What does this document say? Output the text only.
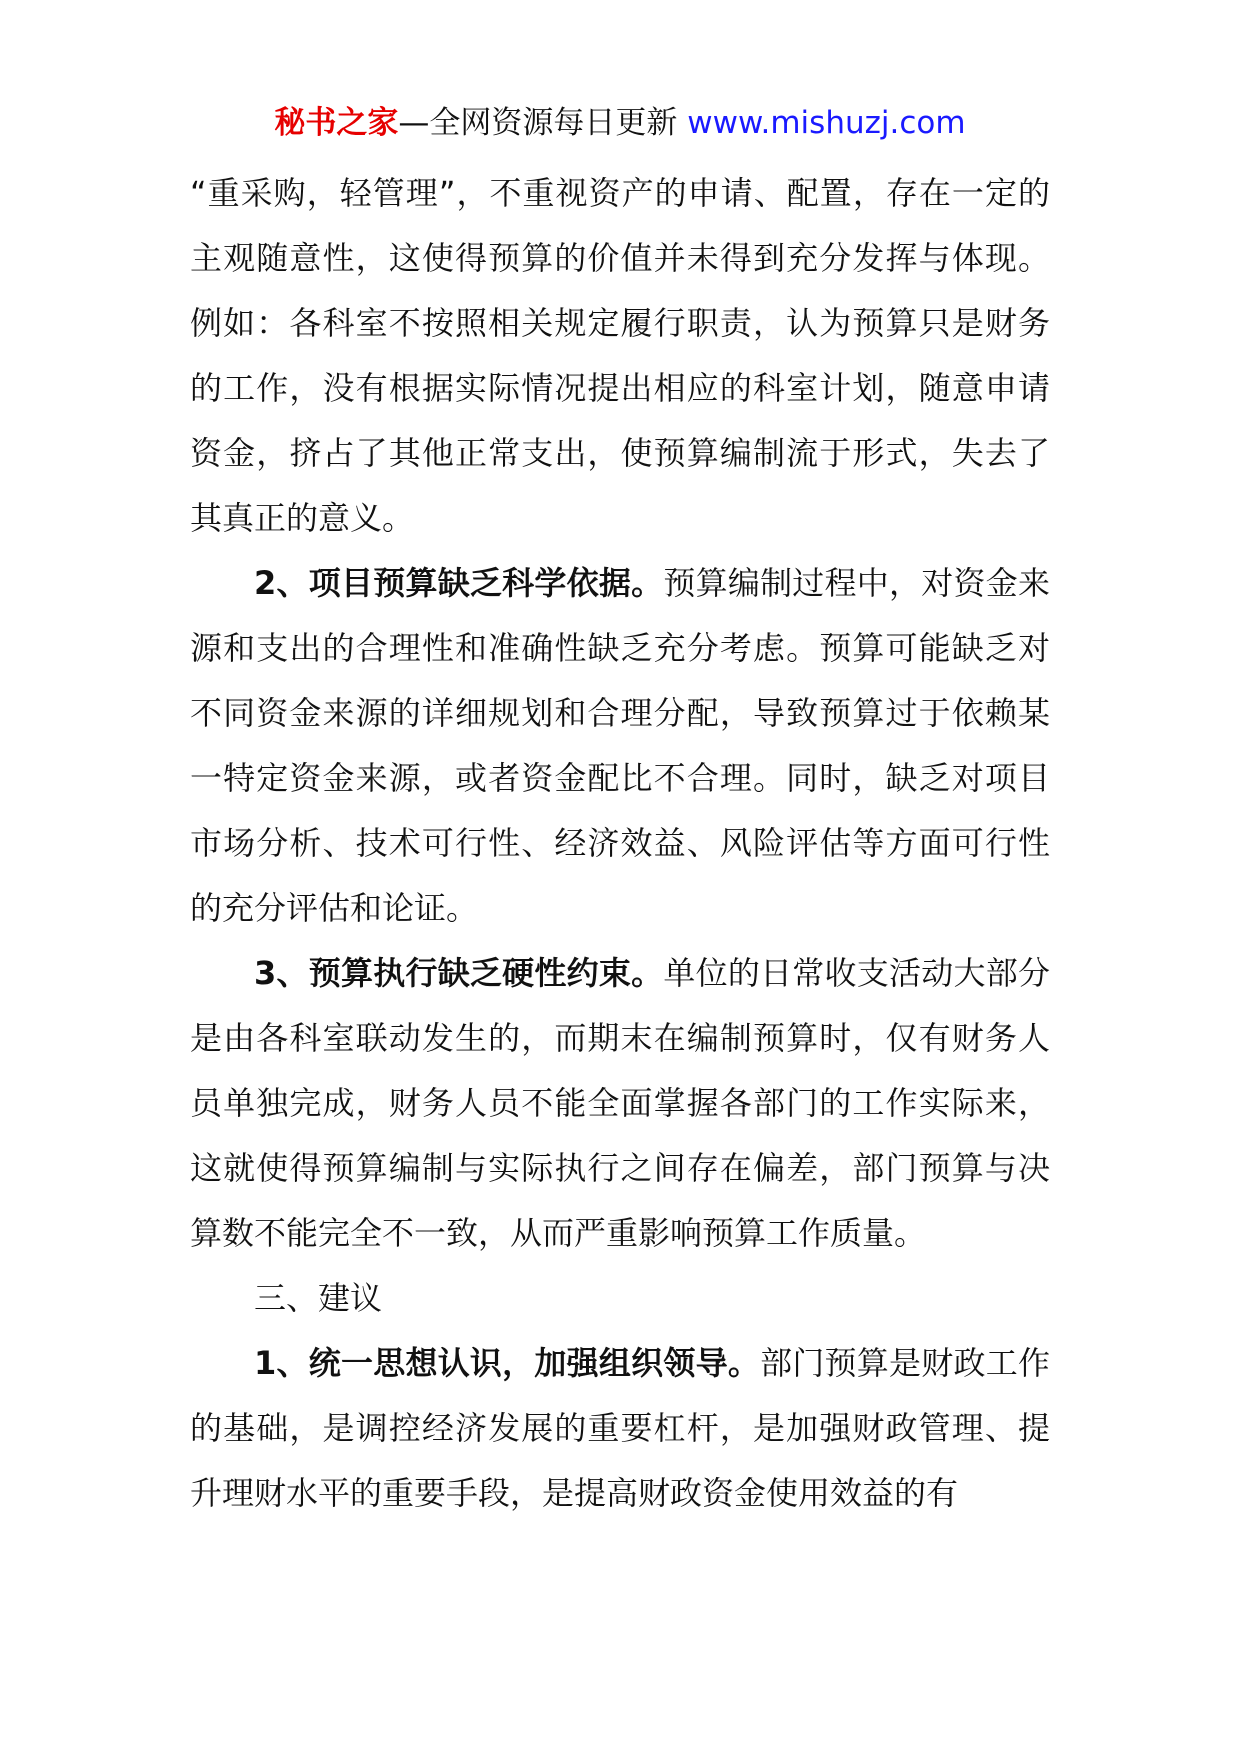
秘书之家—全网资源每日更新 www.mishuzj.com

“重采购，轻管理”，不重视资产的申请、配置，存在一定的主观随意性，这使得预算的价值并未得到充分发挥与体现。例如：各科室不按照相关规定履行职责，认为预算只是财务的工作，没有根据实际情况提出相应的科室计划，随意申请资金，挤占了其他正常支出，使预算编制流于形式，失去了其真正的意义。

2、项目预算缺乏科学依据。预算编制过程中，对资金来源和支出的合理性和准确性缺乏充分考虑。预算可能缺乏对不同资金来源的详细规划和合理分配，导致预算过于依赖某一特定资金来源，或者资金配比不合理。同时，缺乏对项目市场分析、技术可行性、经济效益、风险评估等方面可行性的充分评估和论证。

3、预算执行缺乏硬性约束。单位的日常收支活动大部分是由各科室联动发生的，而期末在编制预算时，仅有财务人员单独完成，财务人员不能全面掌握各部门的工作实际来，这就使得预算编制与实际执行之间存在偏差，部门预算与决算数不能完全不一致，从而严重影响预算工作质量。

三、建议

1、统一思想认识，加强组织领导。部门预算是财政工作的基础，是调控经济发展的重要杠杆，是加强财政管理、提升理财水平的重要手段，是提高财政资金使用效益的有
